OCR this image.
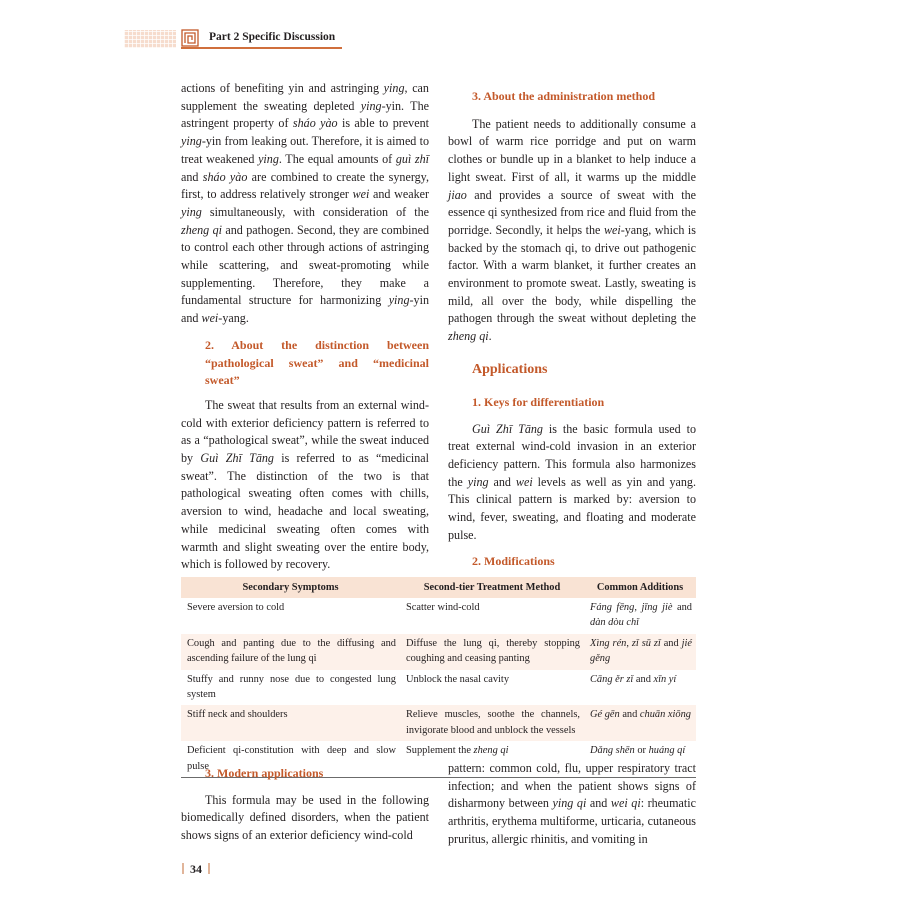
Part 2 Specific Discussion

actions of benefiting yin and astringing ying, can supplement the sweating depleted ying-yin. The astringent property of sháo yào is able to prevent ying-yin from leaking out. Therefore, it is aimed to treat weakened ying. The equal amounts of guì zhī and sháo yào are combined to create the synergy, first, to address relatively stronger wei and weaker ying simultaneously, with consideration of the zheng qi and pathogen. Second, they are combined to control each other through actions of astringing while scattering, and sweat-promoting while supplementing. Therefore, they make a fundamental structure for harmonizing ying-yin and wei-yang.

2. About the distinction between “pathological sweat” and “medicinal sweat”

The sweat that results from an external wind-cold with exterior deficiency pattern is referred to as a “pathological sweat”, while the sweat induced by Guì Zhī Tāng is referred to as “medicinal sweat”. The distinction of the two is that pathological sweating often comes with chills, aversion to wind, headache and local sweating, while medicinal sweating often comes with warmth and slight sweating over the entire body, which is followed by recovery.

3. About the administration method

The patient needs to additionally consume a bowl of warm rice porridge and put on warm clothes or bundle up in a blanket to help induce a light sweat. First of all, it warms up the middle jiao and provides a source of sweat with the essence qi synthesized from rice and fluid from the porridge. Secondly, it helps the wei-yang, which is backed by the stomach qi, to drive out pathogenic factor. With a warm blanket, it further creates an environment to promote sweat. Lastly, sweating is mild, all over the body, while dispelling the pathogen through the sweat without depleting the zheng qi.

Applications
1. Keys for differentiation

Guì Zhī Tāng is the basic formula used to treat external wind-cold invasion in an exterior deficiency pattern. This formula also harmonizes the ying and wei levels as well as yin and yang. This clinical pattern is marked by: aversion to wind, fever, sweating, and floating and moderate pulse.

2. Modifications
Secondary Symptoms	Second-tier Treatment Method	Common Additions
Severe aversion to cold	Scatter wind-cold	Fáng fēng, jīng jiè and dàn dòu chǐ
Cough and panting due to the diffusing and ascending failure of the lung qi	Diffuse the lung qi, thereby stopping coughing and ceasing panting	Xìng rén, zǐ sū zǐ and jié gěng
Stuffy and runny nose due to congested lung system	Unblock the nasal cavity	Cāng ěr zǐ and xīn yí
Stiff neck and shoulders	Relieve muscles, soothe the channels, invigorate blood and unblock the vessels	Gé gēn and chuān xiōng
Deficient qi-constitution with deep and slow pulse	Supplement the zheng qi	Dǎng shēn or huáng qí
3. Modern applications

This formula may be used in the following biomedically defined disorders, when the patient shows signs of an exterior deficiency wind-cold

pattern: common cold, flu, upper respiratory tract infection; and when the patient shows signs of disharmony between ying qi and wei qi: rheumatic arthritis, erythema multiforme, urticaria, cutaneous pruritus, allergic rhinitis, and vomiting in

34
